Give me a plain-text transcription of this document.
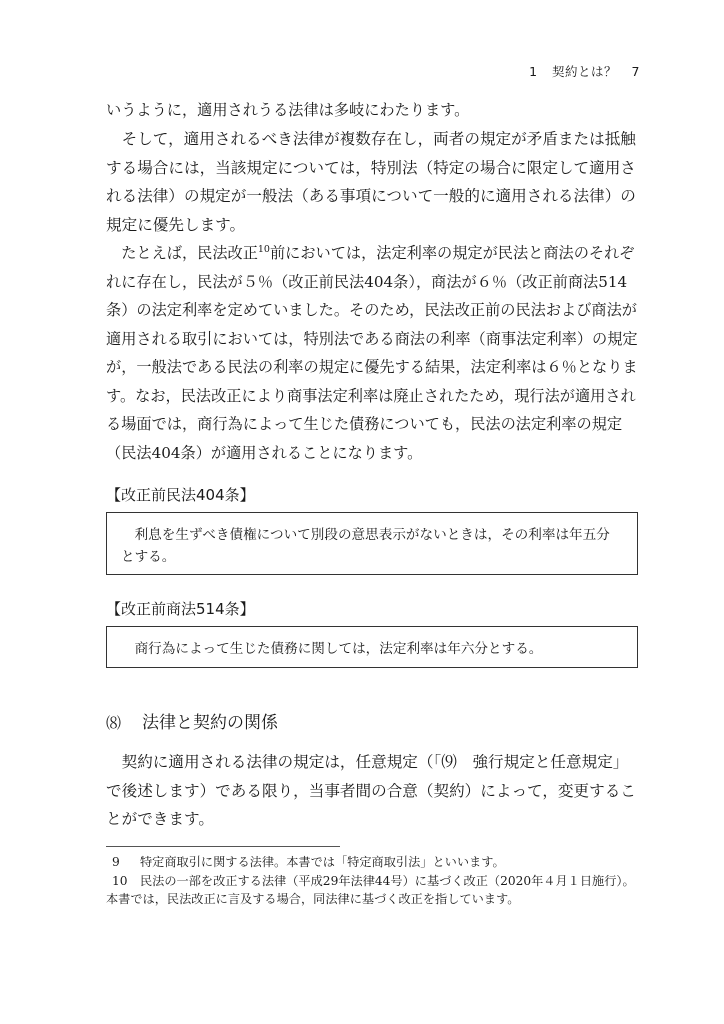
1 契約とは？ 7

いうように，適用されうる法律は多岐にわたります。

そして，適用されるべき法律が複数存在し，両者の規定が矛盾または抵触する場合には，当該規定については，特別法（特定の場合に限定して適用される法律）の規定が一般法（ある事項について一般的に適用される法律）の規定に優先します。

たとえば，民法改正$^{10}$前においては，法定利率の規定が民法と商法のそれぞれに存在し，民法が５％（改正前民法404条），商法が６％（改正前商法514条）の法定利率を定めていました。そのため，民法改正前の民法および商法が適用される取引においては，特別法である商法の利率（商事法定利率）の規定が，一般法である民法の利率の規定に優先する結果，法定利率は６％となります。なお，民法改正により商事法定利率は廃止されたため，現行法が適用される場面では，商行為によって生じた債務についても，民法の法定利率の規定（民法404条）が適用されることになります。

【改正前民法404条】

利息を生ずべき債権について別段の意思表示がないときは，その利率は年五分とする。

【改正前商法514条】

商行為によって生じた債務に関しては，法定利率は年六分とする。

⑻ 法律と契約の関係

契約に適用される法律の規定は，任意規定（「⑼　強行規定と任意規定」で後述します）である限り，当事者間の合意（契約）によって，変更することができます。

9 特定商取引に関する法律。本書では「特定商取引法」といいます。
10 民法の一部を改正する法律（平成29年法律44号）に基づく改正（2020年４月１日施行）。
本書では，民法改正に言及する場合，同法律に基づく改正を指しています。
